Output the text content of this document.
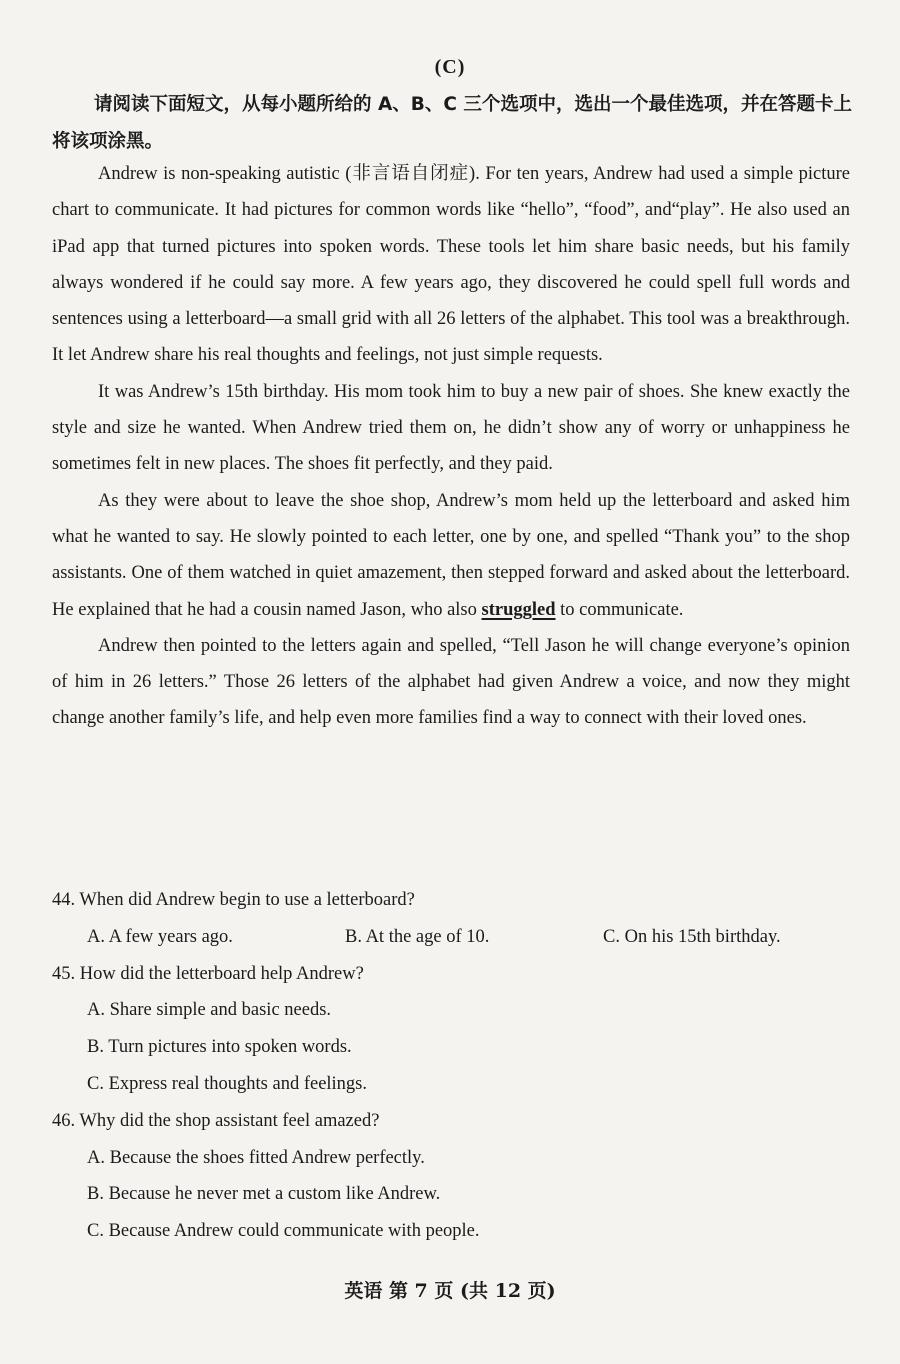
(C)

请阅读下面短文，从每小题所给的 A、B、C 三个选项中，选出一个最佳选项，并在答题卡上将该项涂黑。

Andrew is non-speaking autistic (非言语自闭症). For ten years, Andrew had used a simple picture chart to communicate. It had pictures for common words like “hello”, “food”, and“play”. He also used an iPad app that turned pictures into spoken words. These tools let him share basic needs, but his family always wondered if he could say more. A few years ago, they discovered he could spell full words and sentences using a letterboard—a small grid with all 26 letters of the alphabet. This tool was a breakthrough. It let Andrew share his real thoughts and feelings, not just simple requests.

It was Andrew’s 15th birthday. His mom took him to buy a new pair of shoes. She knew exactly the style and size he wanted. When Andrew tried them on, he didn’t show any of worry or unhappiness he sometimes felt in new places. The shoes fit perfectly, and they paid.

As they were about to leave the shoe shop, Andrew’s mom held up the letterboard and asked him what he wanted to say. He slowly pointed to each letter, one by one, and spelled “Thank you” to the shop assistants. One of them watched in quiet amazement, then stepped forward and asked about the letterboard. He explained that he had a cousin named Jason, who also struggled to communicate.

Andrew then pointed to the letters again and spelled, “Tell Jason he will change everyone’s opinion of him in 26 letters.” Those 26 letters of the alphabet had given Andrew a voice, and now they might change another family’s life, and help even more families find a way to connect with their loved ones.

44. When did Andrew begin to use a letterboard?
A. A few years ago.	B. At the age of 10.	C. On his 15th birthday.
45. How did the letterboard help Andrew?
A. Share simple and basic needs.
B. Turn pictures into spoken words.
C. Express real thoughts and feelings.
46. Why did the shop assistant feel amazed?
A. Because the shoes fitted Andrew perfectly.
B. Because he never met a custom like Andrew.
C. Because Andrew could communicate with people.
英语 第 7 页 (共 12 页)
